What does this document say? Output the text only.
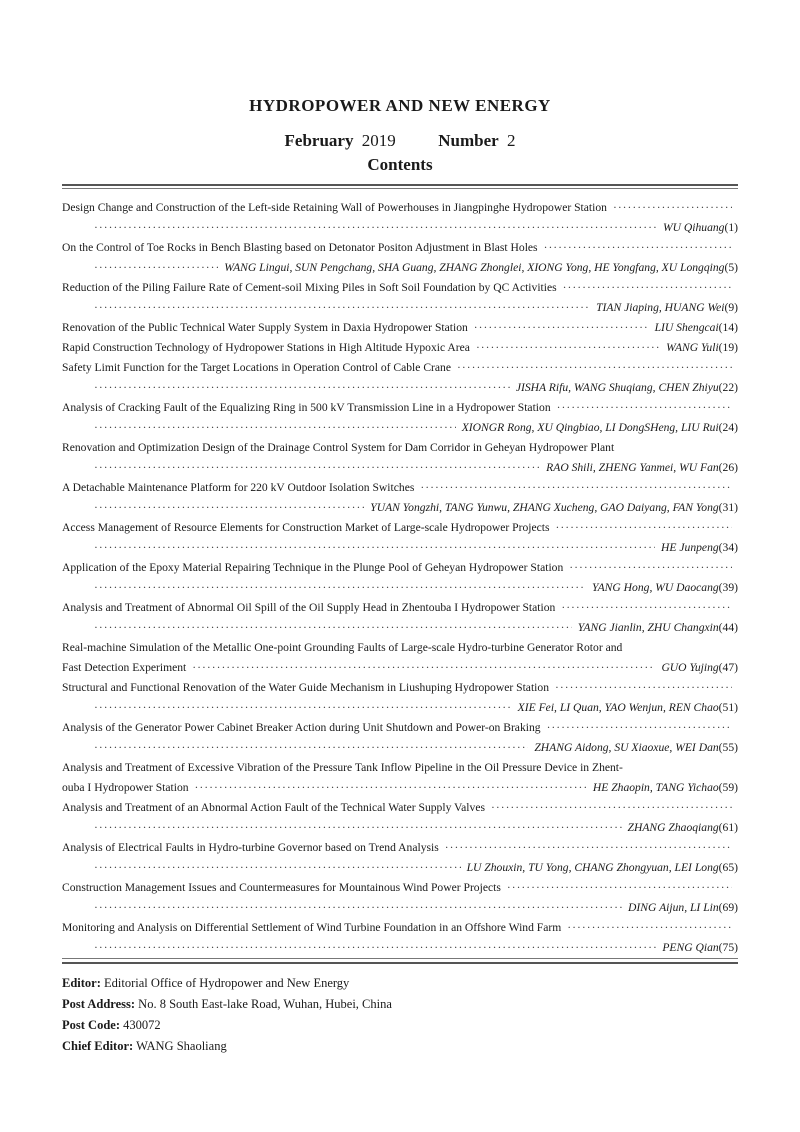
HYDROPOWER AND NEW ENERGY
February 2019	Number 2
Contents
Design Change and Construction of the Left-side Retaining Wall of Powerhouses in Jiangpinghe Hydropower Station
·····
·····
WU Qihuang (1)
On the Control of Toe Rocks in Bench Blasting based on Detonator Positon Adjustment in Blast Holes
·····
·····
WANG Lingui, SUN Pengchang, SHA Guang, ZHANG Zhonglei, XIONG Yong, HE Yongfang, XU Longqing (5)
Reduction of the Piling Failure Rate of Cement-soil Mixing Piles in Soft Soil Foundation by QC Activities
·····
·····
TIAN Jiaping, HUANG Wei (9)
Renovation of the Public Technical Water Supply System in Daxia Hydropower Station ·····	LIU Shengcai (14)
Rapid Construction Technology of Hydropower Stations in High Altitude Hypoxic Area ·····	WANG Yuli (19)
Safety Limit Function for the Target Locations in Operation Control of Cable Crane
·····
·····
JISHA Rifu, WANG Shuqiang, CHEN Zhiyu (22)
Analysis of Cracking Fault of the Equalizing Ring in 500 kV Transmission Line in a Hydropower Station
·····
·····
XIONGR Rong, XU Qingbiao, LI DongSHeng, LIU Rui (24)
Renovation and Optimization Design of the Drainage Control System for Dam Corridor in Geheyan Hydropower Plant
·····
RAO Shili, ZHENG Yanmei, WU Fan (26)
A Detachable Maintenance Platform for 220 kV Outdoor Isolation Switches
·····
·····
YUAN Yongzhi, TANG Yunwu, ZHANG Xucheng, GAO Daiyang, FAN Yong (31)
Access Management of Resource Elements for Construction Market of Large-scale Hydropower Projects
·····
·····
HE Junpeng (34)
Application of the Epoxy Material Repairing Technique in the Plunge Pool of Geheyan Hydropower Station
·····
·····
YANG Hong, WU Daocang (39)
Analysis and Treatment of Abnormal Oil Spill of the Oil Supply Head in Zhentouba I Hydropower Station
·····
·····
YANG Jianlin, ZHU Changxin (44)
Real-machine Simulation of the Metallic One-point Grounding Faults of Large-scale Hydro-turbine Generator Rotor and
Fast Detection Experiment ·····	GUO Yujing (47)
Structural and Functional Renovation of the Water Guide Mechanism in Liushuping Hydropower Station
·····
·····
XIE Fei, LI Quan, YAO Wenjun, REN Chao (51)
Analysis of the Generator Power Cabinet Breaker Action during Unit Shutdown and Power-on Braking
·····
·····
ZHANG Aidong, SU Xiaoxue, WEI Dan (55)
Analysis and Treatment of Excessive Vibration of the Pressure Tank Inflow Pipeline in the Oil Pressure Device in Zhent-
ouba I Hydropower Station ·····	HE Zhaopin, TANG Yichao (59)
Analysis and Treatment of an Abnormal Action Fault of the Technical Water Supply Valves
·····
·····
ZHANG Zhaoqiang (61)
Analysis of Electrical Faults in Hydro-turbine Governor based on Trend Analysis
·····
·····
LU Zhouxin, TU Yong, CHANG Zhongyuan, LEI Long (65)
Construction Management Issues and Countermeasures for Mountainous Wind Power Projects
·····
·····
DING Aijun, LI Lin (69)
Monitoring and Analysis on Differential Settlement of Wind Turbine Foundation in an Offshore Wind Farm
·····
·····
PENG Qian (75)
Editor: Editorial Office of Hydropower and New Energy
Post Address: No. 8 South East-lake Road, Wuhan, Hubei, China
Post Code: 430072
Chief Editor: WANG Shaoliang
